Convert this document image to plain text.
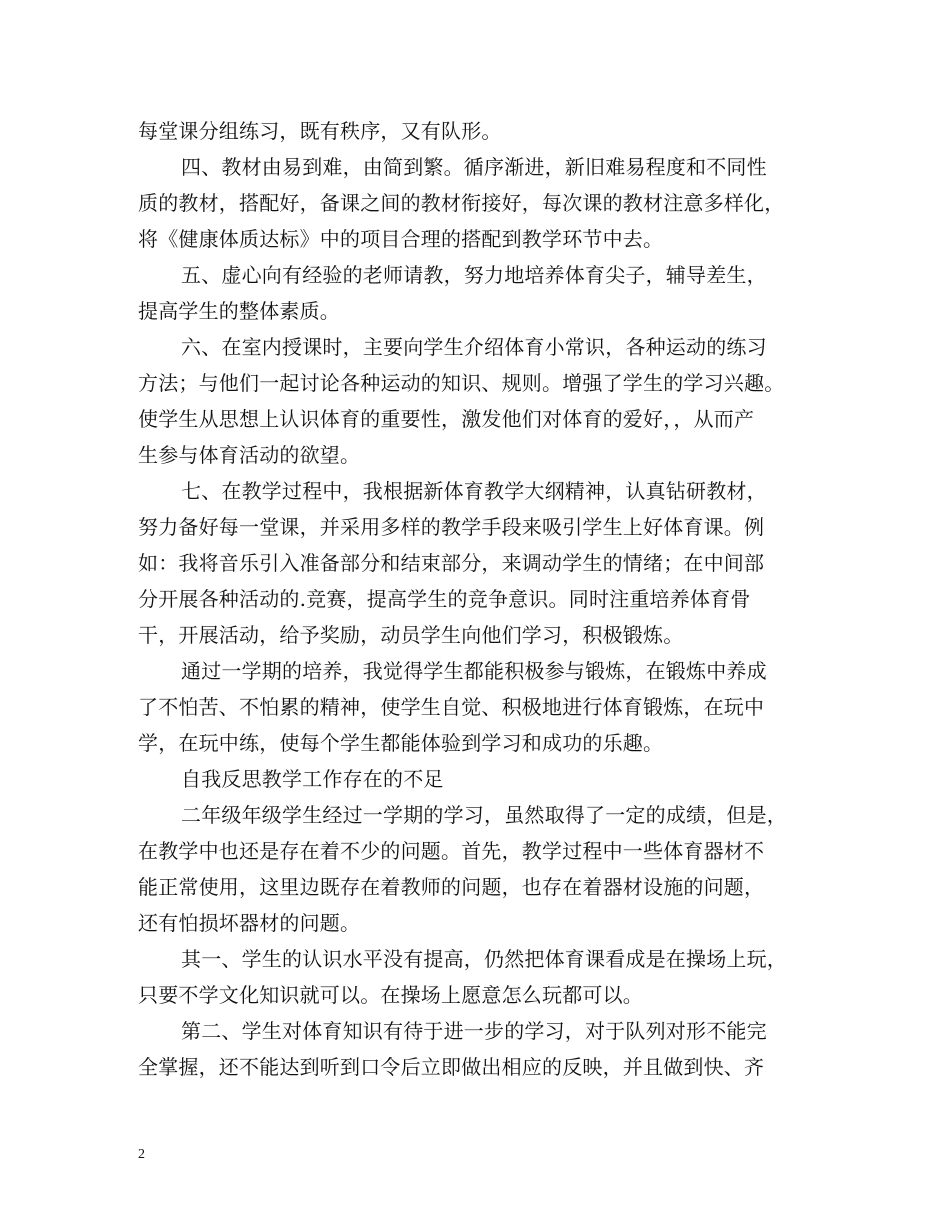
每堂课分组练习，既有秩序，又有队形。
四、教材由易到难，由简到繁。循序渐进，新旧难易程度和不同性
质的教材，搭配好，备课之间的教材衔接好，每次课的教材注意多样化，
将《健康体质达标》中的项目合理的搭配到教学环节中去。
五、虚心向有经验的老师请教，努力地培养体育尖子，辅导差生，
提高学生的整体素质。
六、在室内授课时，主要向学生介绍体育小常识，各种运动的练习
方法；与他们一起讨论各种运动的知识、规则。增强了学生的学习兴趣。
使学生从思想上认识体育的重要性，激发他们对体育的爱好，，从而产
生参与体育活动的欲望。
七、在教学过程中，我根据新体育教学大纲精神，认真钻研教材，
努力备好每一堂课，并采用多样的教学手段来吸引学生上好体育课。例
如：我将音乐引入准备部分和结束部分，来调动学生的情绪；在中间部
分开展各种活动的.竞赛，提高学生的竞争意识。同时注重培养体育骨
干，开展活动，给予奖励，动员学生向他们学习，积极锻炼。
通过一学期的培养，我觉得学生都能积极参与锻炼，在锻炼中养成
了不怕苦、不怕累的精神，使学生自觉、积极地进行体育锻炼，在玩中
学，在玩中练，使每个学生都能体验到学习和成功的乐趣。
自我反思教学工作存在的不足
二年级年级学生经过一学期的学习，虽然取得了一定的成绩，但是，
在教学中也还是存在着不少的问题。首先，教学过程中一些体育器材不
能正常使用，这里边既存在着教师的问题，也存在着器材设施的问题，
还有怕损坏器材的问题。
其一、学生的认识水平没有提高，仍然把体育课看成是在操场上玩，
只要不学文化知识就可以。在操场上愿意怎么玩都可以。
第二、学生对体育知识有待于进一步的学习，对于队列对形不能完
全掌握，还不能达到听到口令后立即做出相应的反映，并且做到快、齐
2
